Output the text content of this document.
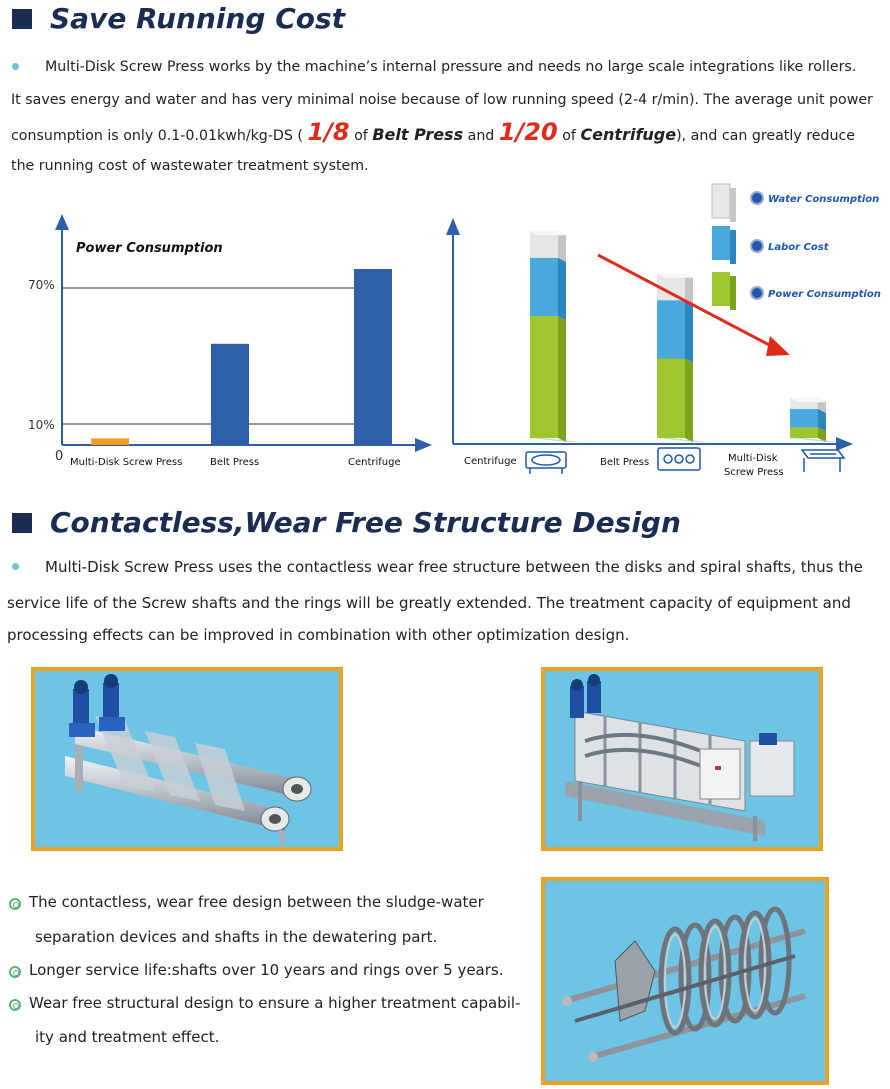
Save Running Cost
Multi-Disk Screw Press works by the machine’s internal pressure and needs no large scale integrations like rollers.
It saves energy and water and has very minimal noise because of low running speed (2-4 r/min). The average unit power
consumption is only 0.1-0.01kwh/kg-DS ( 1/8 of Belt Press and 1/20 of Centrifuge), and can greatly reduce
the running cost of wastewater treatment system.
Power Consumption
70%
10%
0 Multi-Disk Screw Press	Belt Press	Centrifuge
Water Consumption
Labor Cost
Power Consumption
Centrifuge	Belt Press	Multi-Disk
Screw Press
Contactless,Wear Free Structure Design
Multi-Disk Screw Press uses the contactless wear free structure between the disks and spiral shafts, thus the
service life of the Screw shafts and the rings will be greatly extended. The treatment capacity of equipment and
processing effects can be improved in combination with other optimization design.
The contactless, wear free design between the sludge-water
separation devices and shafts in the dewatering part.
Longer service life:shafts over 10 years and rings over 5 years.
Wear free structural design to ensure a higher treatment capabil-
ity and treatment effect.
